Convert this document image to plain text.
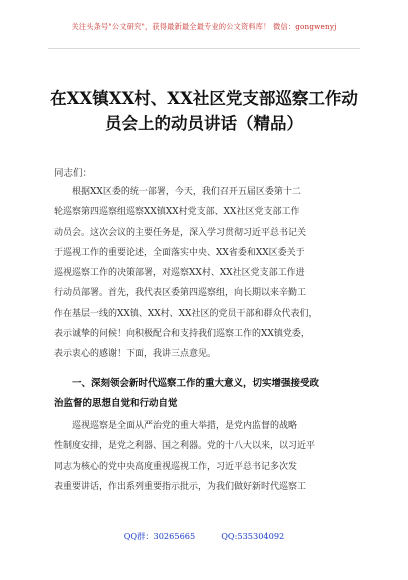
关注头条号"公文研究"，获得最新最全最专业的公文资料库！ 微信：gongwenyj
在XX镇XX村、XX社区党支部巡察工作动
员会上的动员讲话（精品）
同志们：
根据XX区委的统一部署，今天，我们召开五届区委第十二
轮巡察第四巡察组巡察XX镇XX村党支部、XX社区党支部工作
动员会。这次会议的主要任务是，深入学习贯彻习近平总书记关
于巡视工作的重要论述，全面落实中央、XX省委和XX区委关于
巡视巡察工作的决策部署，对巡察XX村、XX社区党支部工作进
行动员部署。首先，我代表区委第四巡察组，向长期以来辛勤工
作在基层一线的XX镇、XX村、XX社区的党员干部和群众代表们，
表示诚挚的问候！向积极配合和支持我们巡察工作的XX镇党委，
表示衷心的感谢！下面，我讲三点意见。
一、深刻领会新时代巡察工作的重大意义，切实增强接受政
治监督的思想自觉和行动自觉
巡视巡察是全面从严治党的重大举措，是党内监督的战略
性制度安排，是党之利器、国之利器。党的十八大以来，以习近平
同志为核心的党中央高度重视巡视工作，习近平总书记多次发
表重要讲话，作出系列重要指示批示，为我们做好新时代巡察工
QQ群：30265665	QQ:535304092
